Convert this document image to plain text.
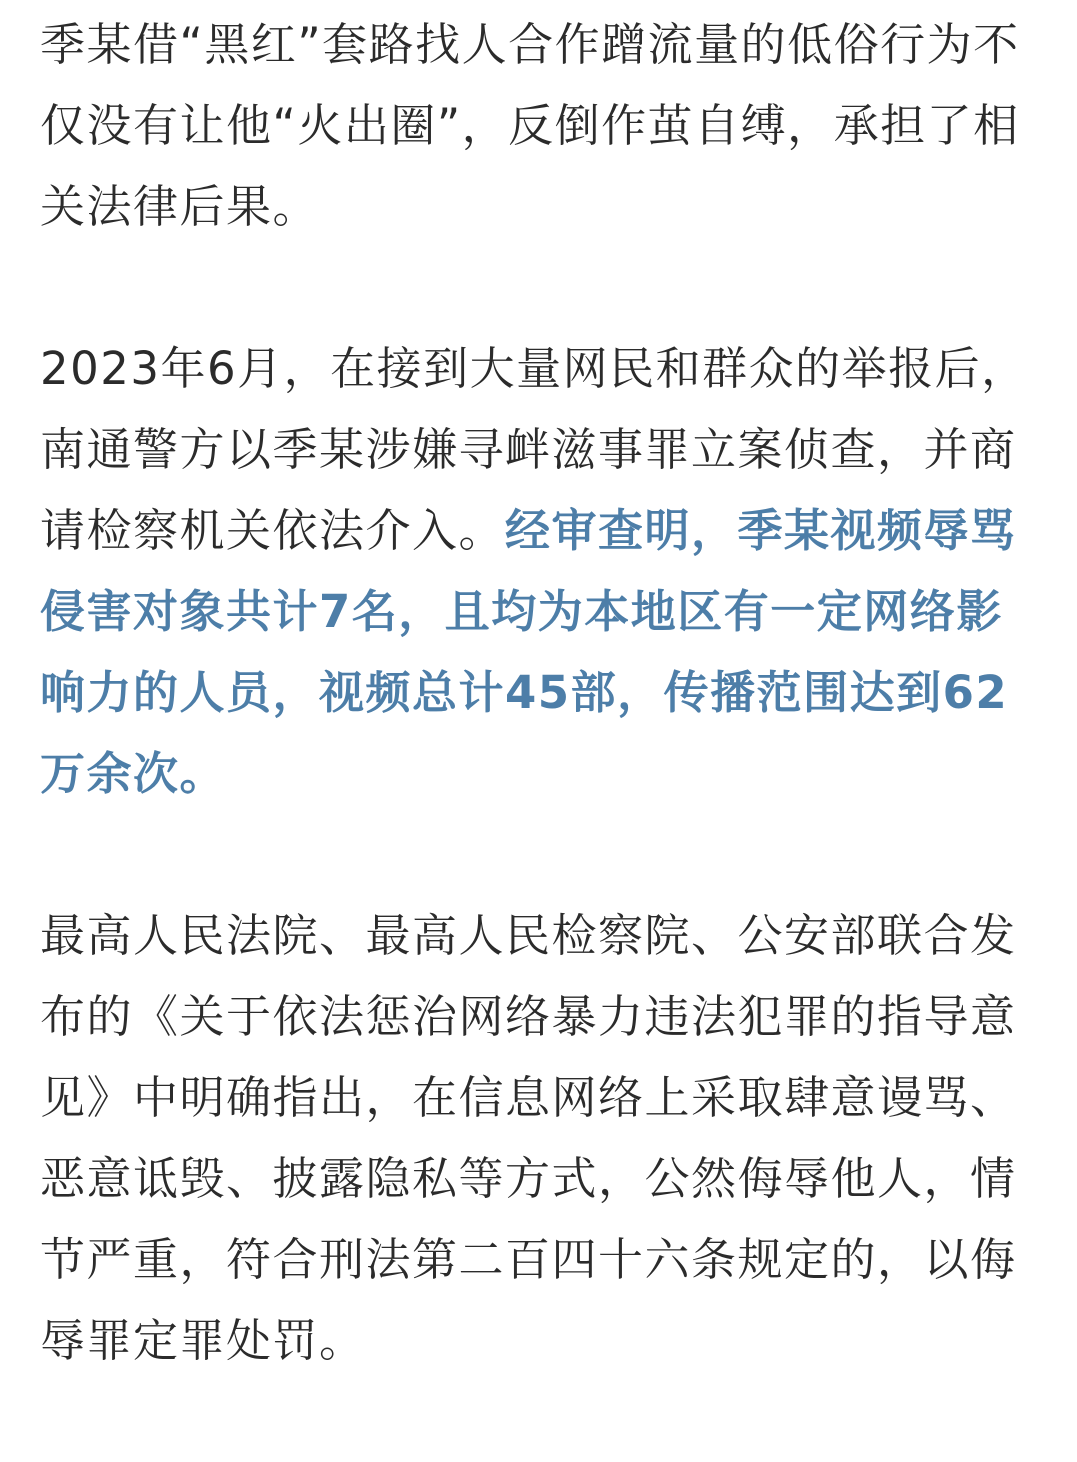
季某借“黑红”套路找人合作蹭流量的低俗行为不仅没有让他“火出圈”，反倒作茧自缚，承担了相关法律后果。

2023年6月，在接到大量网民和群众的举报后，南通警方以季某涉嫌寻衅滋事罪立案侦查，并商请检察机关依法介入。经审查明，季某视频辱骂侵害对象共计7名，且均为本地区有一定网络影响力的人员，视频总计45部，传播范围达到62万余次。

最高人民法院、最高人民检察院、公安部联合发布的《关于依法惩治网络暴力违法犯罪的指导意见》中明确指出，在信息网络上采取肆意谩骂、恶意诋毁、披露隐私等方式，公然侮辱他人，情节严重，符合刑法第二百四十六条规定的，以侮辱罪定罪处罚。
